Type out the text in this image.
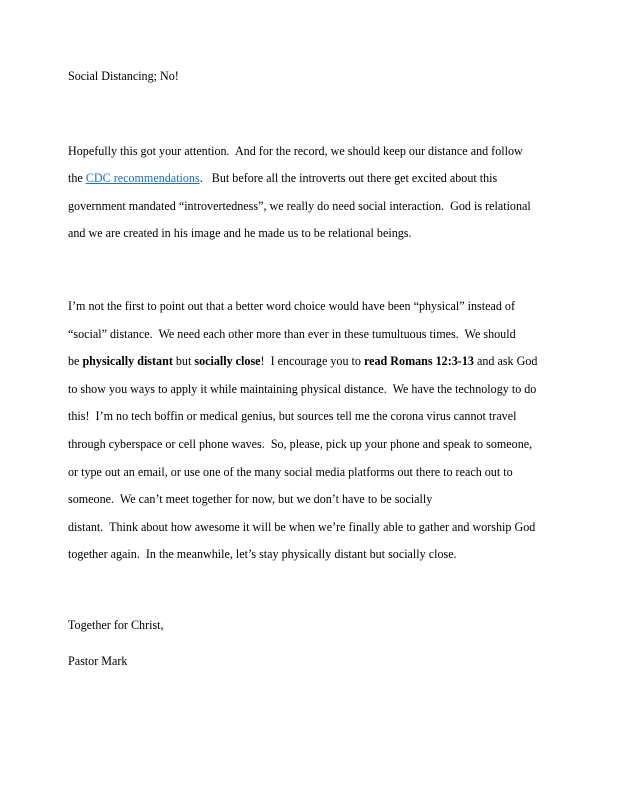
Social Distancing; No!
Hopefully this got your attention.  And for the record, we should keep our distance and follow
the CDC recommendations.   But before all the introverts out there get excited about this
government mandated “introvertedness”, we really do need social interaction.  God is relational
and we are created in his image and he made us to be relational beings.
I’m not the first to point out that a better word choice would have been “physical” instead of
“social” distance.  We need each other more than ever in these tumultuous times.  We should
be physically distant but socially close!  I encourage you to read Romans 12:3-13 and ask God
to show you ways to apply it while maintaining physical distance.  We have the technology to do
this!  I’m no tech boffin or medical genius, but sources tell me the corona virus cannot travel
through cyberspace or cell phone waves.  So, please, pick up your phone and speak to someone,
or type out an email, or use one of the many social media platforms out there to reach out to
someone.  We can’t meet together for now, but we don’t have to be socially
distant.  Think about how awesome it will be when we’re finally able to gather and worship God
together again.  In the meanwhile, let’s stay physically distant but socially close.
Together for Christ,
Pastor Mark
